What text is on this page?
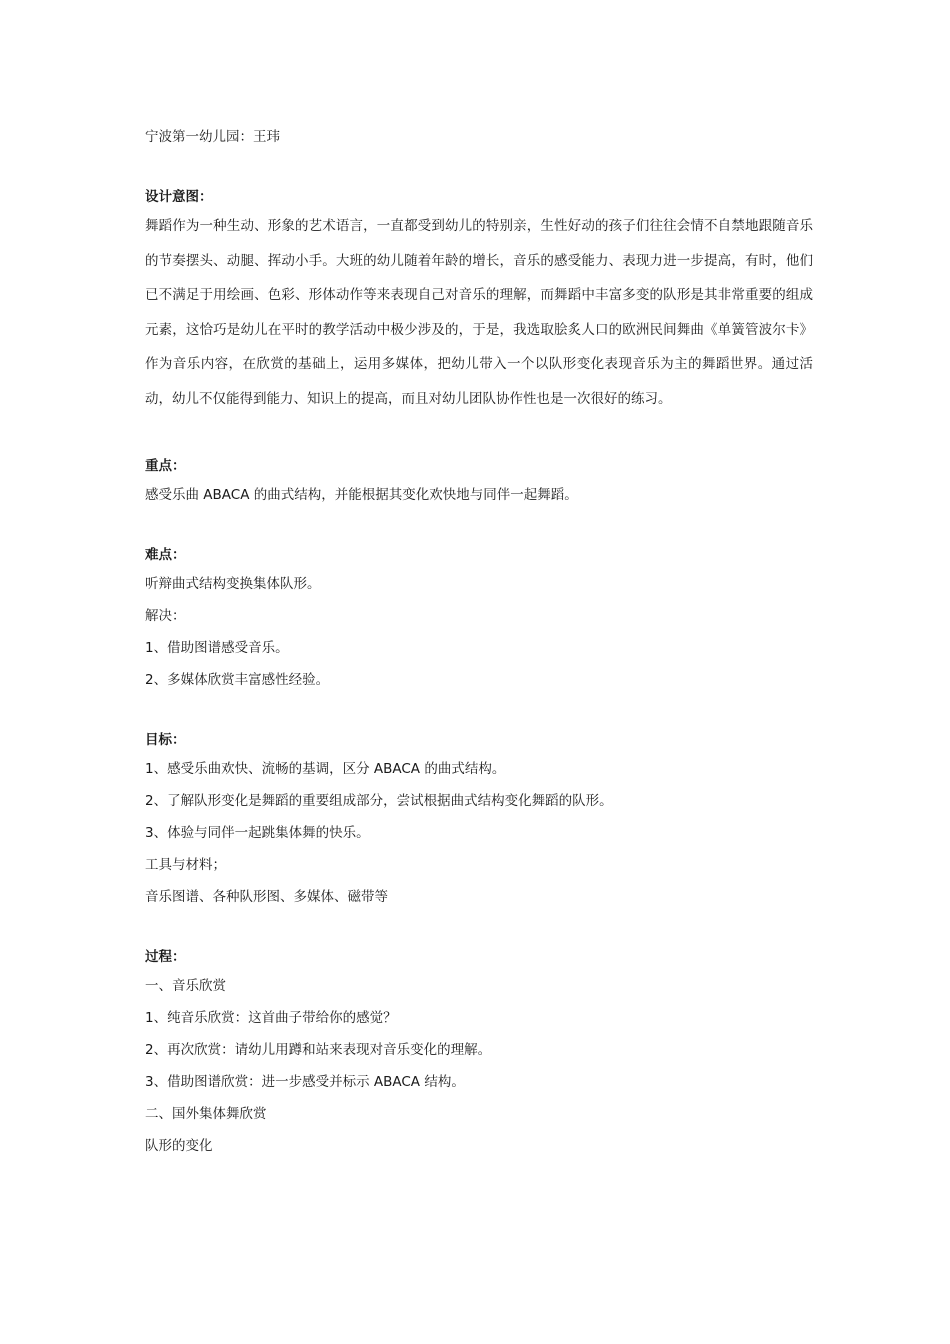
宁波第一幼儿园：王玮
设计意图：
舞蹈作为一种生动、形象的艺术语言，一直都受到幼儿的特别亲，生性好动的孩子们往往会情不自禁地跟随音乐的节奏摆头、动腿、挥动小手。大班的幼儿随着年龄的增长，音乐的感受能力、表现力进一步提高，有时，他们已不满足于用绘画、色彩、形体动作等来表现自己对音乐的理解，而舞蹈中丰富多变的队形是其非常重要的组成元素，这恰巧是幼儿在平时的教学活动中极少涉及的，于是，我选取脍炙人口的欧洲民间舞曲《单簧管波尔卡》作为音乐内容，在欣赏的基础上，运用多媒体，把幼儿带入一个以队形变化表现音乐为主的舞蹈世界。通过活动，幼儿不仅能得到能力、知识上的提高，而且对幼儿团队协作性也是一次很好的练习。
重点：
感受乐曲 ABACA 的曲式结构，并能根据其变化欢快地与同伴一起舞蹈。
难点：
听辩曲式结构变换集体队形。
解决：
1、借助图谱感受音乐。
2、多媒体欣赏丰富感性经验。
目标：
1、感受乐曲欢快、流畅的基调，区分 ABACA 的曲式结构。
2、了解队形变化是舞蹈的重要组成部分，尝试根据曲式结构变化舞蹈的队形。
3、体验与同伴一起跳集体舞的快乐。
工具与材料；
音乐图谱、各种队形图、多媒体、磁带等
过程：
一、音乐欣赏
1、纯音乐欣赏：这首曲子带给你的感觉？
2、再次欣赏：请幼儿用蹲和站来表现对音乐变化的理解。
3、借助图谱欣赏：进一步感受并标示 ABACA 结构。
二、国外集体舞欣赏
队形的变化
